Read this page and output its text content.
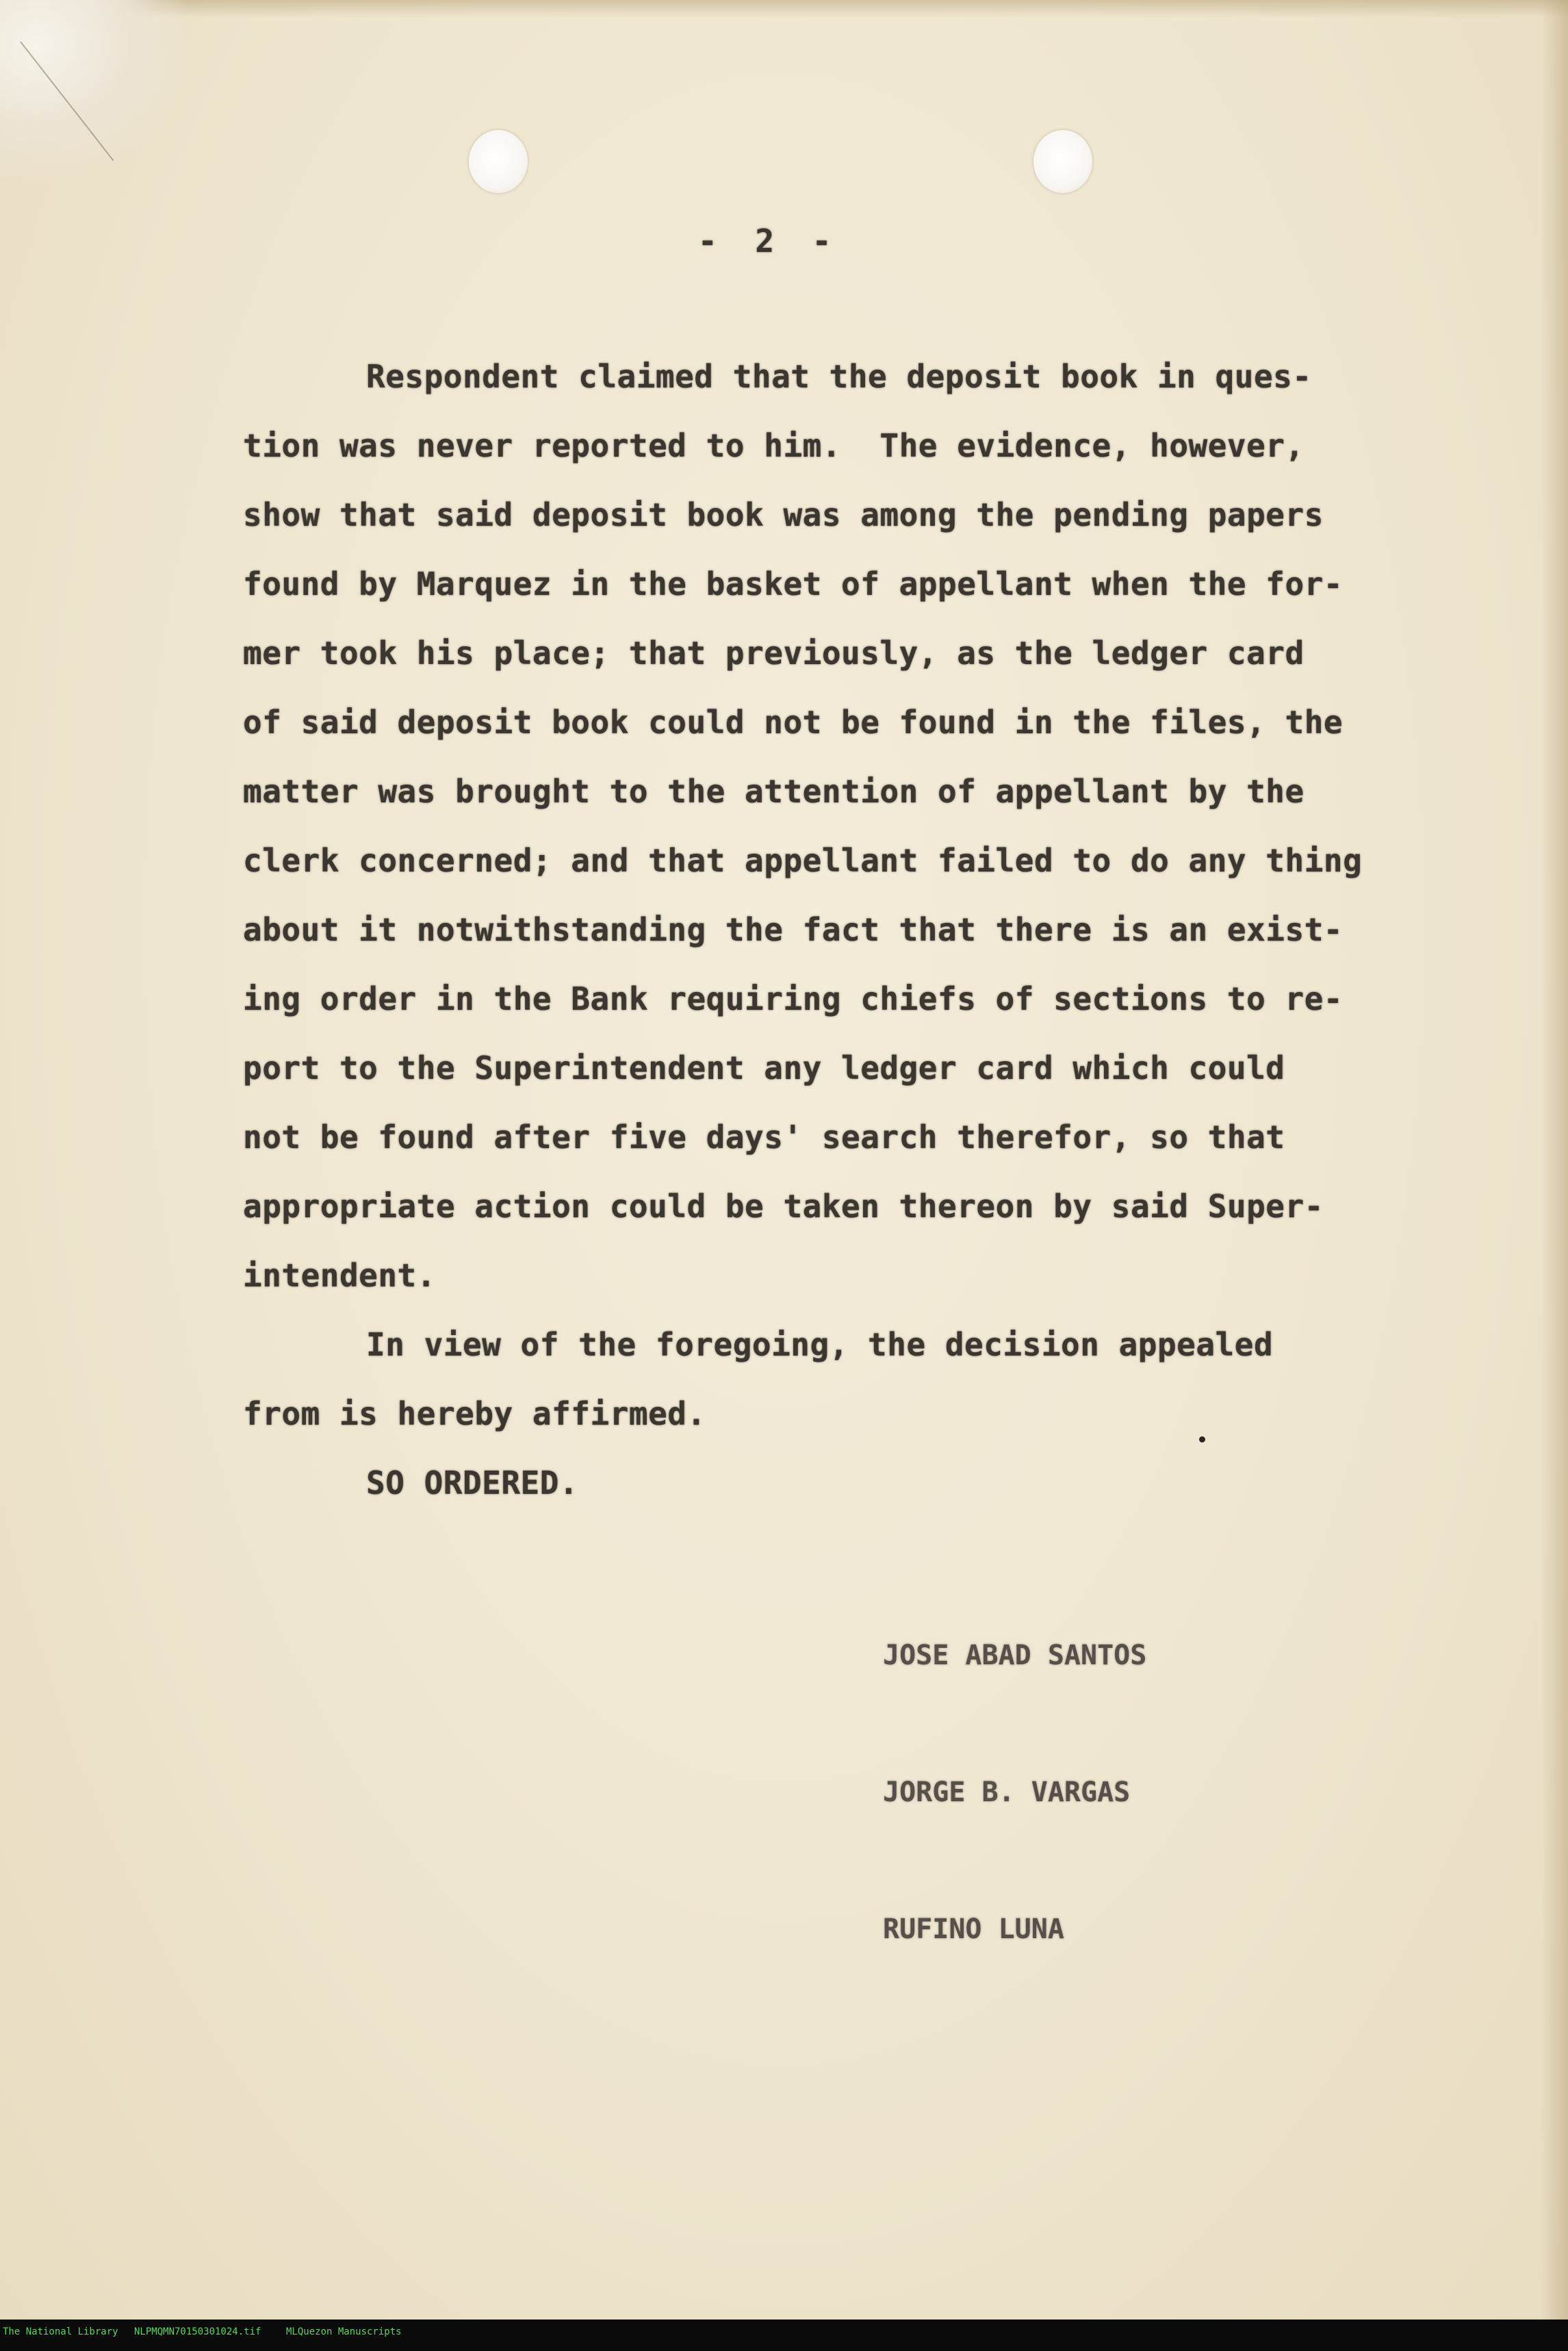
- 2 -

Respondent claimed that the deposit book in ques-

tion was never reported to him.  The evidence, however,

show that said deposit book was among the pending papers

found by Marquez in the basket of appellant when the for-

mer took his place; that previously, as the ledger card

of said deposit book could not be found in the files, the

matter was brought to the attention of appellant by the

clerk concerned; and that appellant failed to do any thing

about it notwithstanding the fact that there is an exist-

ing order in the Bank requiring chiefs of sections to re-

port to the Superintendent any ledger card which could

not be found after five days' search therefor, so that

appropriate action could be taken thereon by said Super-

intendent.

In view of the foregoing, the decision appealed

from is hereby affirmed.

SO ORDERED.

JOSE ABAD SANTOS

JORGE B. VARGAS

RUFINO LUNA

The National Library NLPMQMN70150301024.tif	MLQuezon Manuscripts
